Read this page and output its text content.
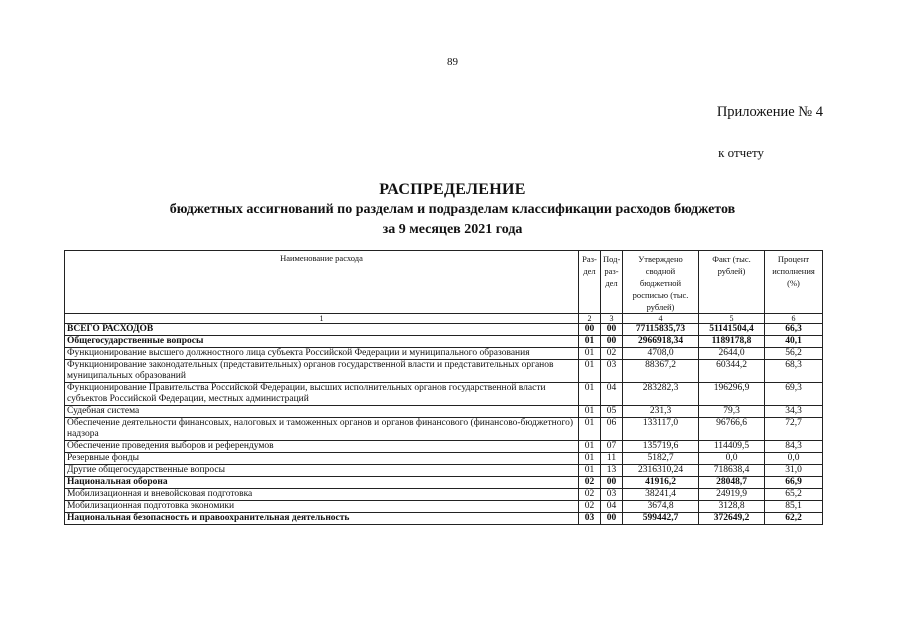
89
Приложение № 4
к отчету
РАСПРЕДЕЛЕНИЕ
бюджетных ассигнований по разделам и подразделам классификации расходов бюджетов
за 9 месяцев 2021 года
Наименование расхода	Раз-дел	Под-раз-дел	Утверждено сводной бюджетной росписью (тыс. рублей)	Факт (тыс. рублей)	Процент исполнения (%)
1	2	3	4	5	6
ВСЕГО РАСХОДОВ	00	00	77115835,73	51141504,4	66,3
Общегосударственные вопросы	01	00	2966918,34	1189178,8	40,1
Функционирование высшего должностного лица субъекта Российской Федерации и муниципального образования	01	02	4708,0	2644,0	56,2
Функционирование законодательных (представительных) органов государственной власти и представительных органов муниципальных образований	01	03	88367,2	60344,2	68,3
Функционирование Правительства Российской Федерации, высших исполнительных органов государственной власти субъектов Российской Федерации, местных администраций	01	04	283282,3	196296,9	69,3
Судебная система	01	05	231,3	79,3	34,3
Обеспечение деятельности финансовых, налоговых и таможенных органов и органов финансового (финансово-бюджетного) надзора	01	06	133117,0	96766,6	72,7
Обеспечение проведения выборов и референдумов	01	07	135719,6	114409,5	84,3
Резервные фонды	01	11	5182,7	0,0	0,0
Другие общегосударственные вопросы	01	13	2316310,24	718638,4	31,0
Национальная оборона	02	00	41916,2	28048,7	66,9
Мобилизационная и вневойсковая подготовка	02	03	38241,4	24919,9	65,2
Мобилизационная подготовка экономики	02	04	3674,8	3128,8	85,1
Национальная безопасность и правоохранительная деятельность	03	00	599442,7	372649,2	62,2
